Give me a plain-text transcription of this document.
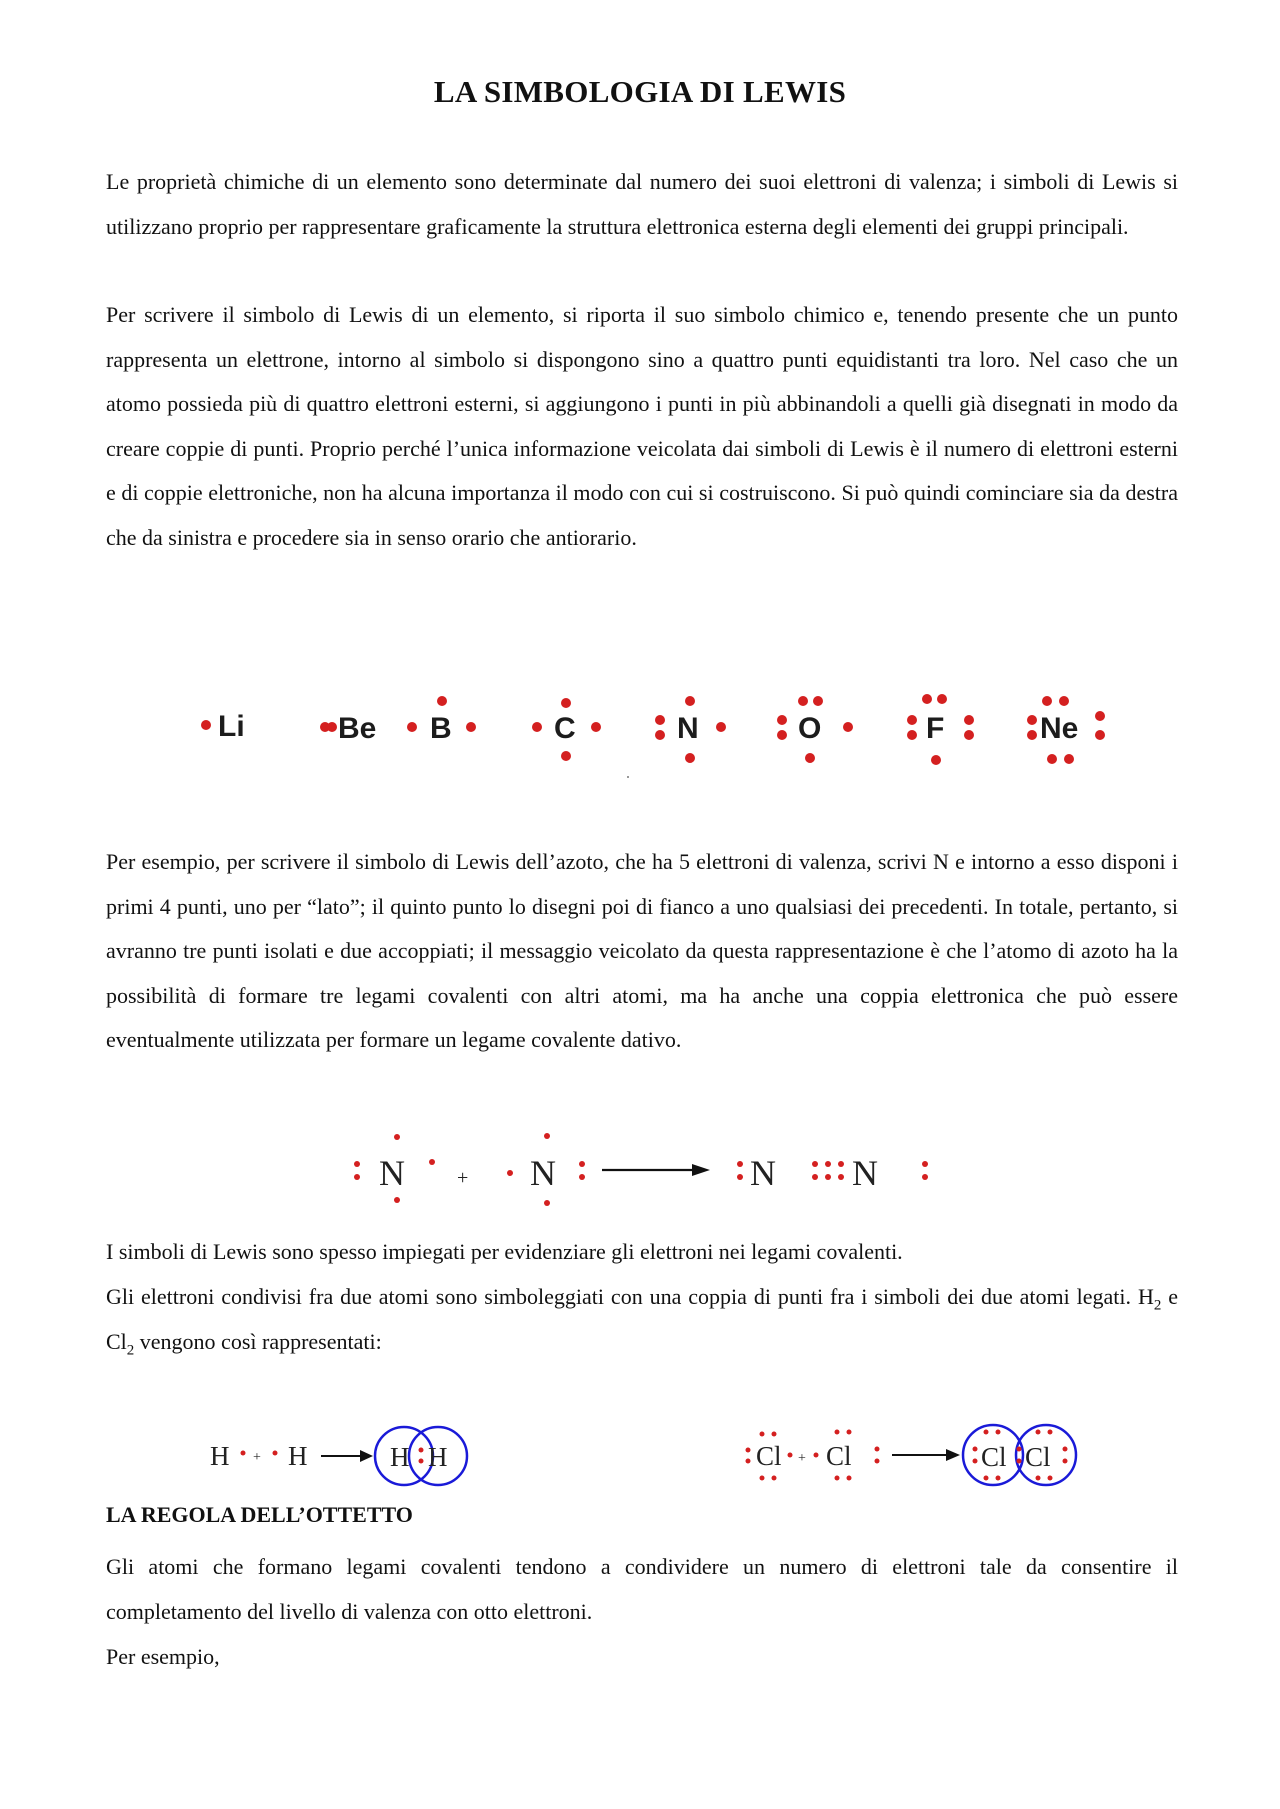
LA SIMBOLOGIA DI LEWIS

Le proprietà chimiche di un elemento sono determinate dal numero dei suoi elettroni di valenza; i simboli di Lewis si utilizzano proprio per rappresentare graficamente la struttura elettronica esterna degli elementi dei gruppi principali.

Per scrivere il simbolo di Lewis di un elemento, si riporta il suo simbolo chimico e, tenendo presente che un punto rappresenta un elettrone, intorno al simbolo si dispongono sino a quattro punti equidistanti tra loro. Nel caso che un atomo possieda più di quattro elettroni esterni, si aggiungono i punti in più abbinandoli a quelli già disegnati in modo da creare coppie di punti. Proprio perché l’unica informazione veicolata dai simboli di Lewis è il numero di elettroni esterni e di coppie elettroniche, non ha alcuna importanza il modo con cui si costruiscono. Si può quindi cominciare sia da destra che da sinistra e procedere sia in senso orario che antiorario.

Li	Be B	C	N	O	F	Ne

Per esempio, per scrivere il simbolo di Lewis dell’azoto, che ha 5 elettroni di valenza, scrivi N e intorno a esso disponi i primi 4 punti, uno per “lato”; il quinto punto lo disegni poi di fianco a uno qualsiasi dei precedenti. In totale, pertanto, si avranno tre punti isolati e due accoppiati; il messaggio veicolato da questa rappresentazione è che l’atomo di azoto ha la possibilità di formare tre legami covalenti con altri atomi, ma ha anche una coppia elettronica che può essere eventualmente utilizzata per formare un legame covalente dativo.

N	+ N	N N

I simboli di Lewis sono spesso impiegati per evidenziare gli elettroni nei legami covalenti.

Gli elettroni condivisi fra due atomi sono simboleggiati con una coppia di punti fra i simboli dei due atomi legati. $H_2$ e $Cl_2$ vengono così rappresentati:

H + H	H H	Cl + Cl	Cl Cl
LA REGOLA DELL’OTTETTO

Gli atomi che formano legami covalenti tendono a condividere un numero di elettroni tale da consentire il completamento del livello di valenza con otto elettroni.

Per esempio,
